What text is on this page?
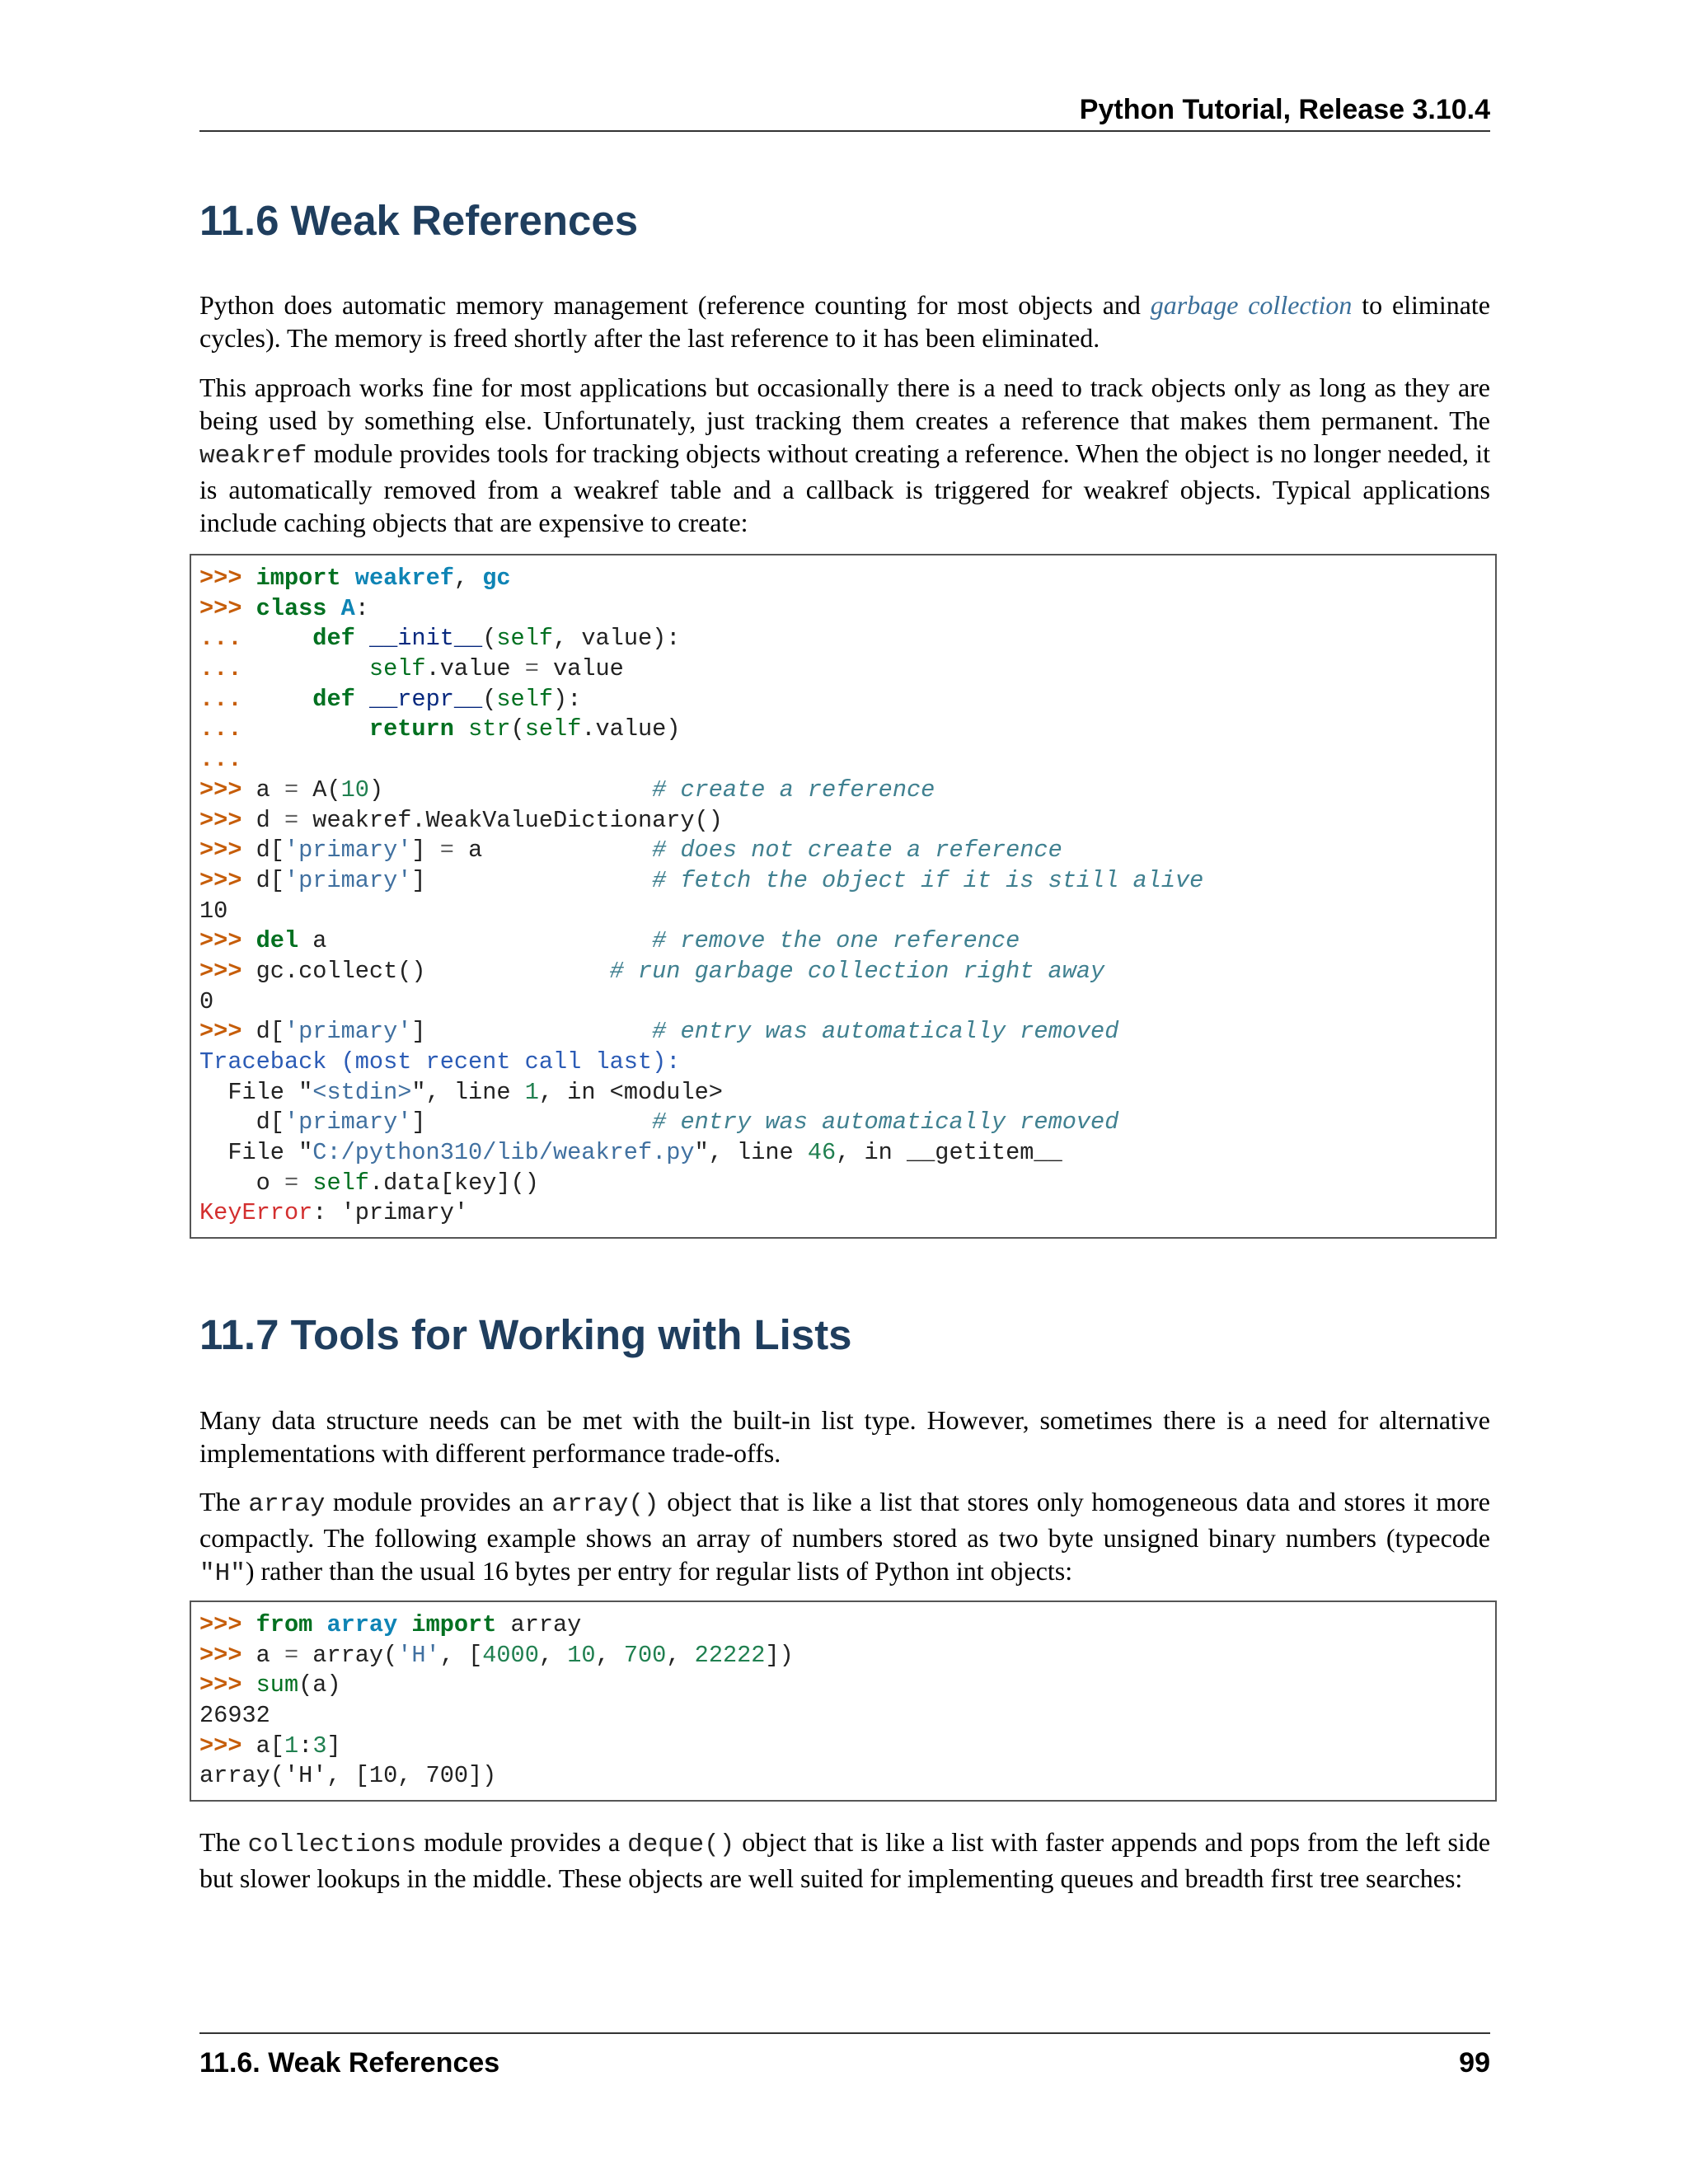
Python Tutorial, Release 3.10.4
11.6 Weak References

Python does automatic memory management (reference counting for most objects and garbage collection to eliminate cycles). The memory is freed shortly after the last reference to it has been eliminated.

This approach works fine for most applications but occasionally there is a need to track objects only as long as they are being used by something else. Unfortunately, just tracking them creates a reference that makes them permanent. The weakref module provides tools for tracking objects without creating a reference. When the object is no longer needed, it is automatically removed from a weakref table and a callback is triggered for weakref objects. Typical applications include caching objects that are expensive to create:

>>> import weakref, gc
>>> class A:
...     def __init__(self, value):
...         self.value = value
...     def __repr__(self):
...         return str(self.value)
...
>>> a = A(10)                   # create a reference
>>> d = weakref.WeakValueDictionary()
>>> d['primary'] = a            # does not create a reference
>>> d['primary']                # fetch the object if it is still alive
10
>>> del a                       # remove the one reference
>>> gc.collect()             # run garbage collection right away
0
>>> d['primary']                # entry was automatically removed
Traceback (most recent call last):
File "<stdin>", line 1, in <module>
d['primary']                # entry was automatically removed
File "C:/python310/lib/weakref.py", line 46, in __getitem__
o = self.data[key]()
KeyError: 'primary'
11.7 Tools for Working with Lists

Many data structure needs can be met with the built-in list type. However, sometimes there is a need for alternative implementations with different performance trade-offs.

The array module provides an array() object that is like a list that stores only homogeneous data and stores it more compactly. The following example shows an array of numbers stored as two byte unsigned binary numbers (typecode "H") rather than the usual 16 bytes per entry for regular lists of Python int objects:

>>> from array import array
>>> a = array('H', [4000, 10, 700, 22222])
>>> sum(a)
26932
>>> a[1:3]
array('H', [10, 700])

The collections module provides a deque() object that is like a list with faster appends and pops from the left side but slower lookups in the middle. These objects are well suited for implementing queues and breadth first tree searches:

11.6. Weak References	99
